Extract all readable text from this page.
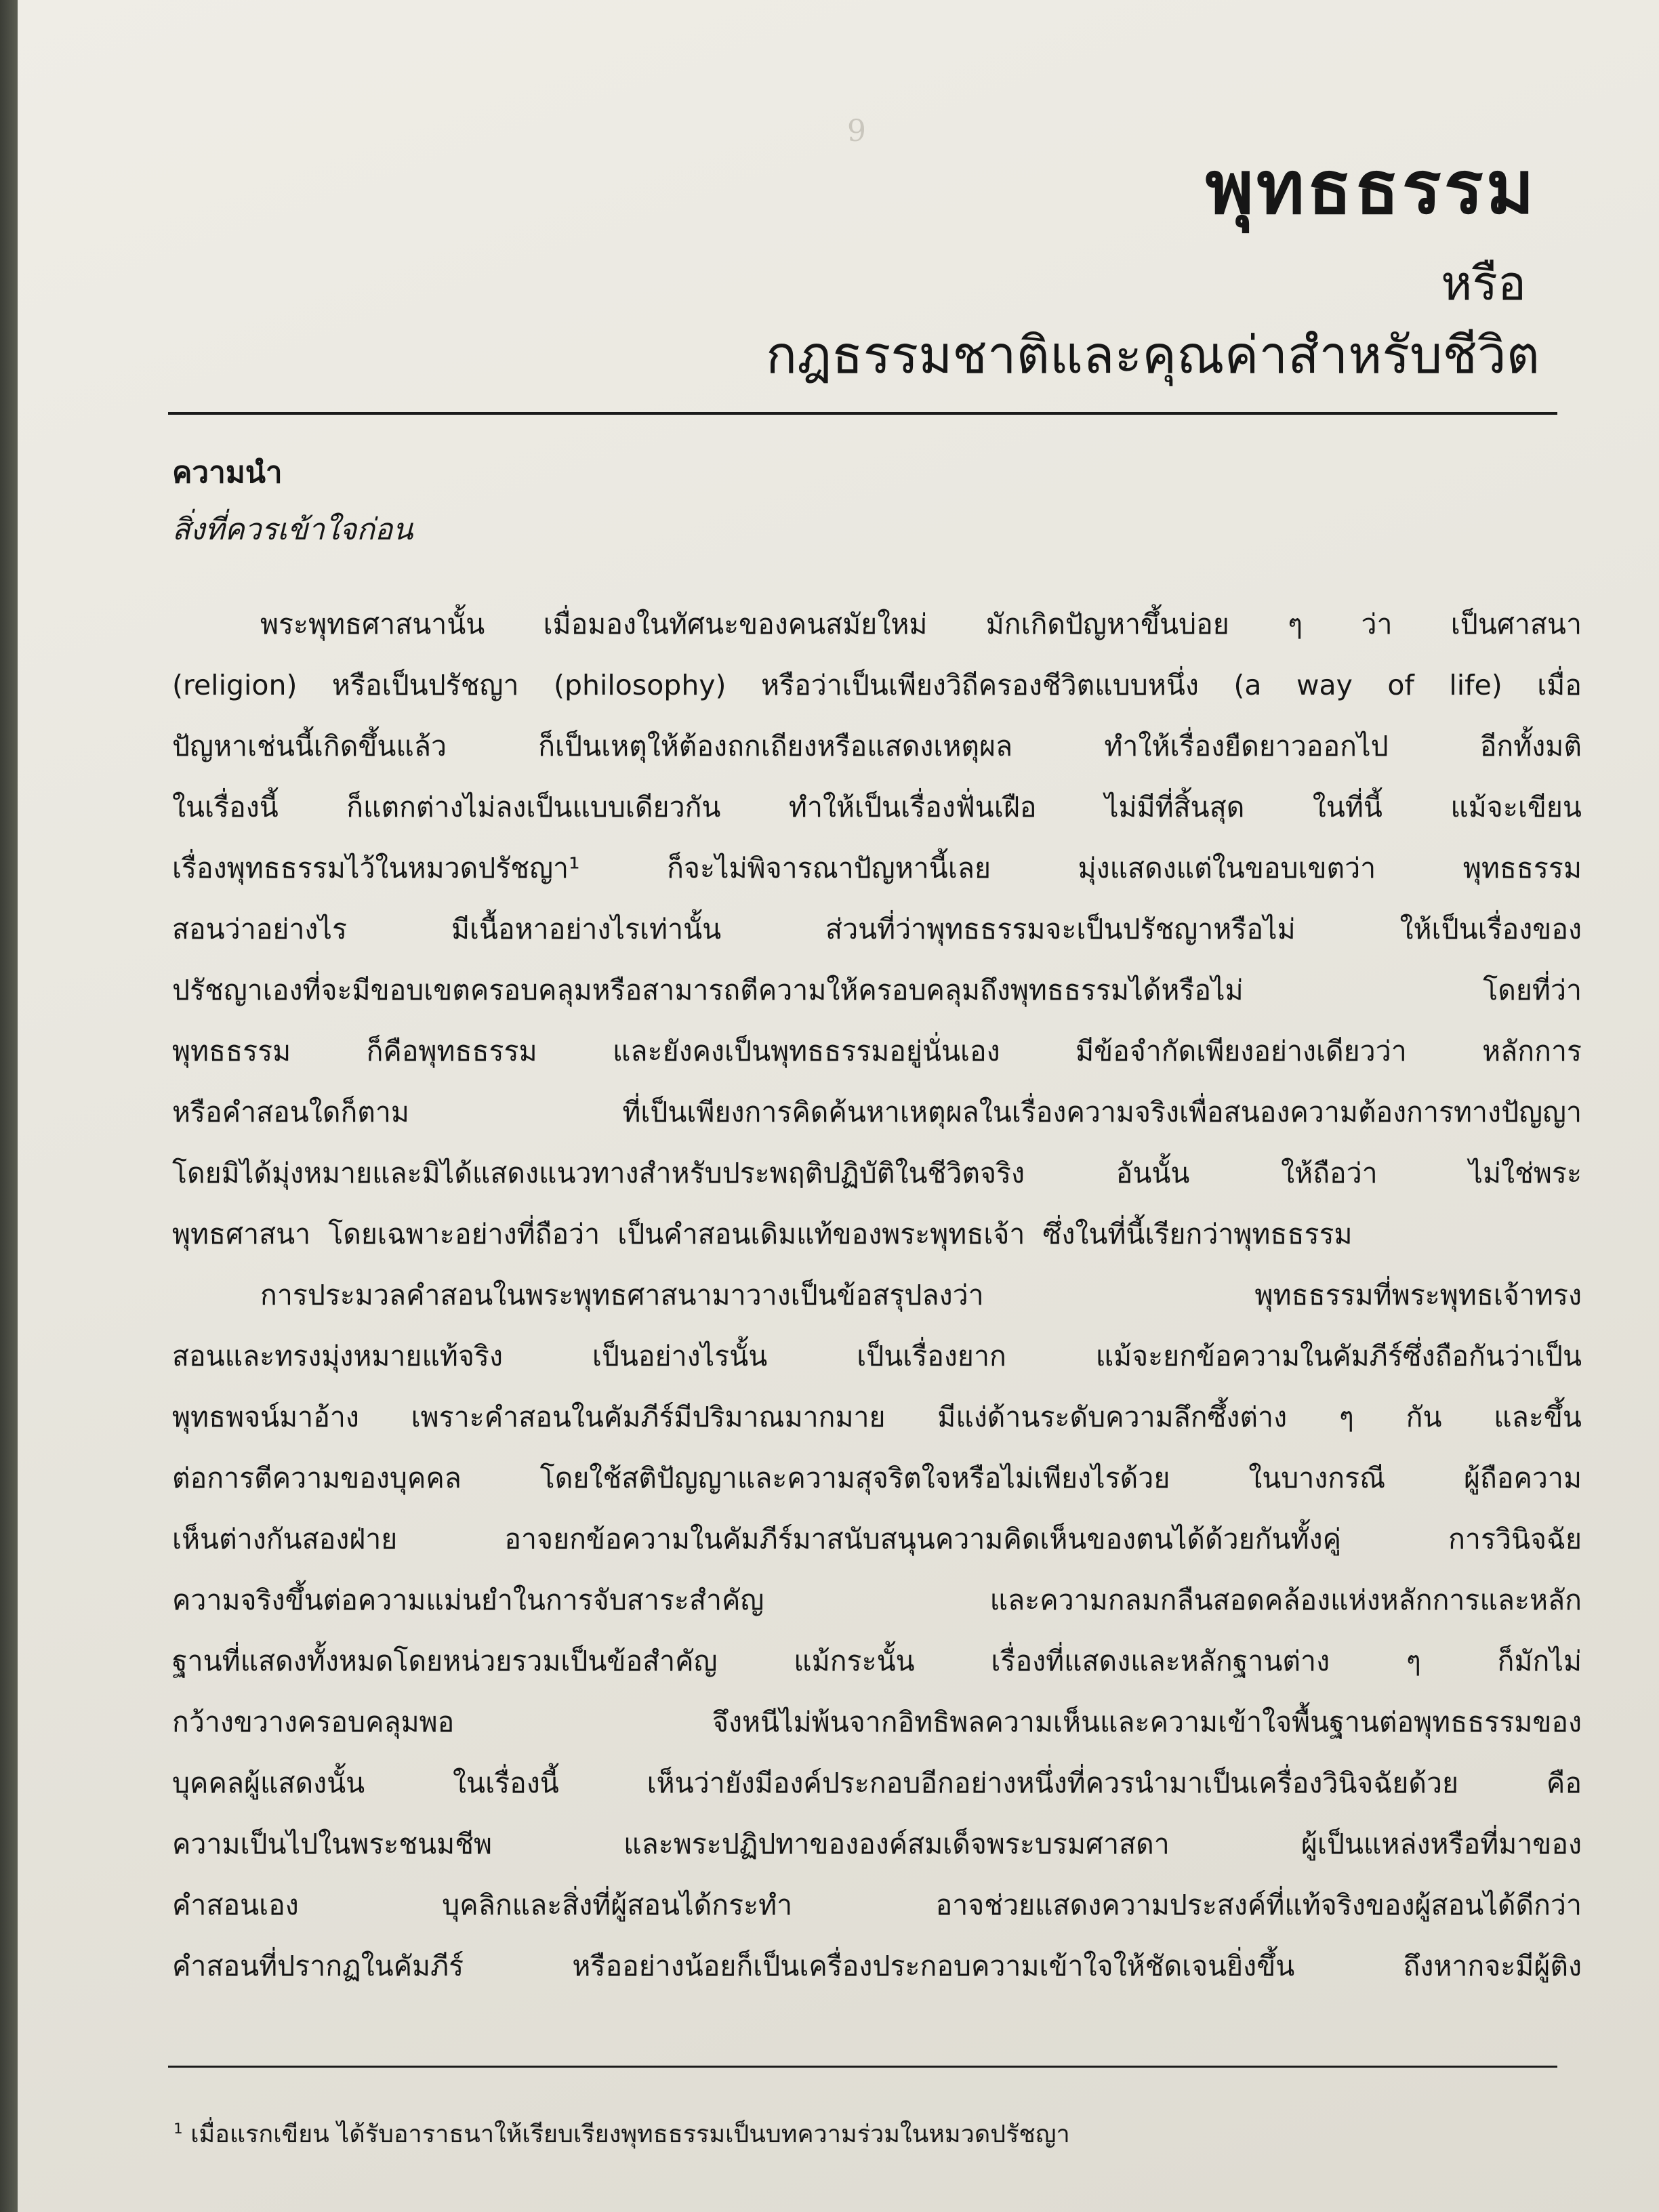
9
พุทธธรรม
หรือ
กฎธรรมชาติและคุณค่าสำหรับชีวิต
ความนำ
สิ่งที่ควรเข้าใจก่อน
พระพุทธศาสนานั้น เมื่อมองในทัศนะของคนสมัยใหม่ มักเกิดปัญหาขึ้นบ่อย ๆ ว่า เป็นศาสนา
(religion) หรือเป็นปรัชญา (philosophy) หรือว่าเป็นเพียงวิถีครองชีวิตแบบหนึ่ง (a way of life) เมื่อ
ปัญหาเช่นนี้เกิดขึ้นแล้ว	ก็เป็นเหตุให้ต้องถกเถียงหรือแสดงเหตุผล	ทำให้เรื่องยืดยาวออกไป	อีกทั้งมติ
ในเรื่องนี้ ก็แตกต่างไม่ลงเป็นแบบเดียวกัน ทำให้เป็นเรื่องฟั่นเฝือ ไม่มีที่สิ้นสุด ในที่นี้ แม้จะเขียน
เรื่องพุทธธรรมไว้ในหมวดปรัชญา¹	ก็จะไม่พิจารณาปัญหานี้เลย	มุ่งแสดงแต่ในขอบเขตว่า	พุทธธรรม
สอนว่าอย่างไร	มีเนื้อหาอย่างไรเท่านั้น	ส่วนที่ว่าพุทธธรรมจะเป็นปรัชญาหรือไม่	ให้เป็นเรื่องของ
ปรัชญาเองที่จะมีขอบเขตครอบคลุมหรือสามารถตีความให้ครอบคลุมถึงพุทธธรรมได้หรือไม่	โดยที่ว่า
พุทธธรรม	ก็คือพุทธธรรม	และยังคงเป็นพุทธธรรมอยู่นั่นเอง	มีข้อจำกัดเพียงอย่างเดียวว่า	หลักการ
หรือคำสอนใดก็ตาม	ที่เป็นเพียงการคิดค้นหาเหตุผลในเรื่องความจริงเพื่อสนองความต้องการทางปัญญา
โดยมิได้มุ่งหมายและมิได้แสดงแนวทางสำหรับประพฤติปฏิบัติในชีวิตจริง	อันนั้น	ให้ถือว่า	ไม่ใช่พระ
พุทธศาสนา โดยเฉพาะอย่างที่ถือว่า เป็นคำสอนเดิมแท้ของพระพุทธเจ้า ซึ่งในที่นี้เรียกว่าพุทธธรรม
การประมวลคำสอนในพระพุทธศาสนามาวางเป็นข้อสรุปลงว่า	พุทธธรรมที่พระพุทธเจ้าทรง
สอนและทรงมุ่งหมายแท้จริง	เป็นอย่างไรนั้น	เป็นเรื่องยาก	แม้จะยกข้อความในคัมภีร์ซึ่งถือกันว่าเป็น
พุทธพจน์มาอ้าง เพราะคำสอนในคัมภีร์มีปริมาณมากมาย มีแง่ด้านระดับความลึกซึ้งต่าง ๆ กัน และขึ้น
ต่อการตีความของบุคคล	โดยใช้สติปัญญาและความสุจริตใจหรือไม่เพียงไรด้วย	ในบางกรณี	ผู้ถือความ
เห็นต่างกันสองฝ่าย	อาจยกข้อความในคัมภีร์มาสนับสนุนความคิดเห็นของตนได้ด้วยกันทั้งคู่	การวินิจฉัย
ความจริงขึ้นต่อความแม่นยำในการจับสาระสำคัญ	และความกลมกลืนสอดคล้องแห่งหลักการและหลัก
ฐานที่แสดงทั้งหมดโดยหน่วยรวมเป็นข้อสำคัญ	แม้กระนั้น	เรื่องที่แสดงและหลักฐานต่าง	ๆ	ก็มักไม่
กว้างขวางครอบคลุมพอ	จึงหนีไม่พ้นจากอิทธิพลความเห็นและความเข้าใจพื้นฐานต่อพุทธธรรมของ
บุคคลผู้แสดงนั้น	ในเรื่องนี้	เห็นว่ายังมีองค์ประกอบอีกอย่างหนึ่งที่ควรนำมาเป็นเครื่องวินิจฉัยด้วย	คือ
ความเป็นไปในพระชนมชีพ	และพระปฏิปทาขององค์สมเด็จพระบรมศาสดา	ผู้เป็นแหล่งหรือที่มาของ
คำสอนเอง	บุคลิกและสิ่งที่ผู้สอนได้กระทำ	อาจช่วยแสดงความประสงค์ที่แท้จริงของผู้สอนได้ดีกว่า
คำสอนที่ปรากฏในคัมภีร์	หรืออย่างน้อยก็เป็นเครื่องประกอบความเข้าใจให้ชัดเจนยิ่งขึ้น	ถึงหากจะมีผู้ติง
$^1$ เมื่อแรกเขียน ได้รับอาราธนาให้เรียบเรียงพุทธธรรมเป็นบทความร่วมในหมวดปรัชญา
